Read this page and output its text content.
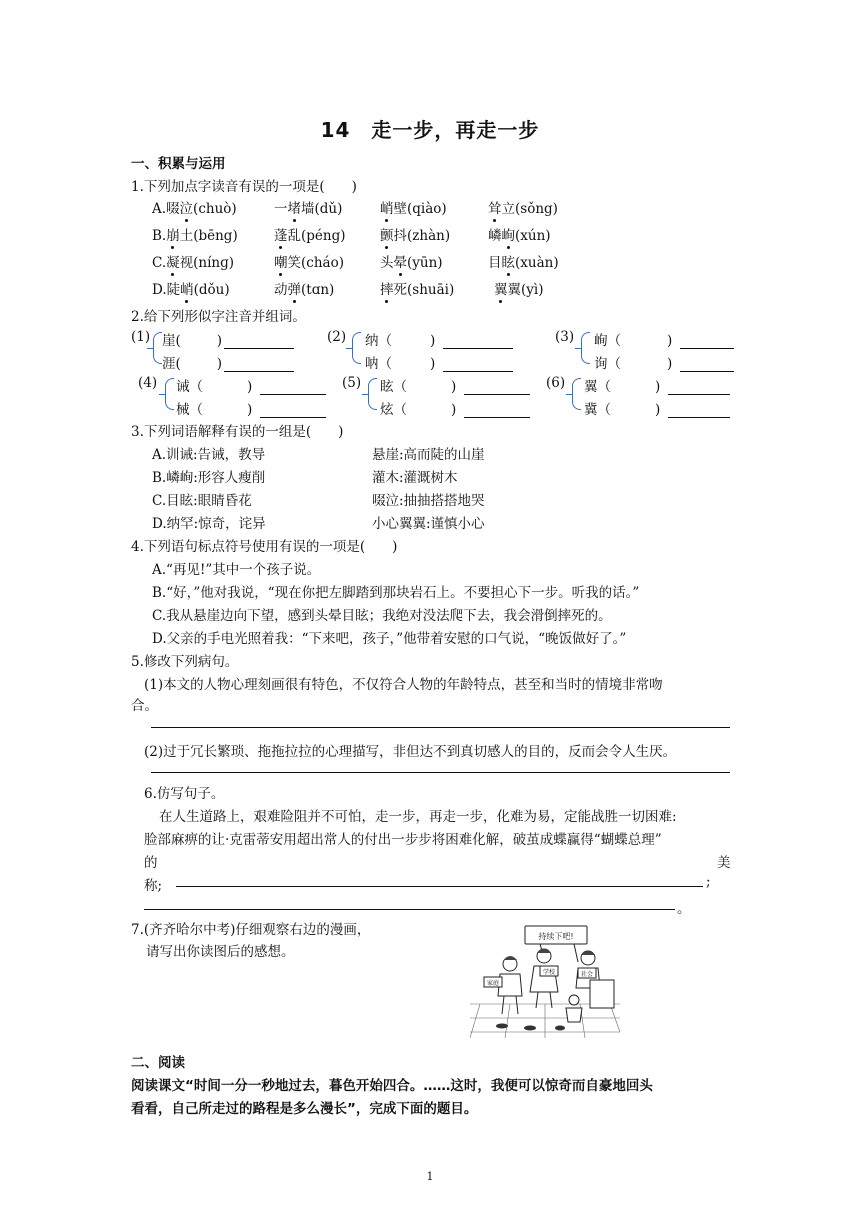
14　走一步，再走一步
一、积累与运用
1.下列加点字读音有误的一项是(　　)
A.啜泣(chuò)	一堵墙(dǔ)	峭壁(qiào)	耸立(sǒng)
B.崩土(bēng)	蓬乱(péng)	颤抖(zhàn)	嶙峋(xún)
C.凝视(nínɡ)	嘲笑(cháo)	头晕(yūn)	目眩(xuàn)
D.陡峭(dǒu)	动弹(tɑn)	摔死(shuāi)	翼翼(yì)
2.给下列形似字注音并组词。
(1) 崖(	)
涯(	)
(2) 纳（	)
呐（	)
(3) 峋（	)
询（	)
(4) 诫（	)
械（	)
(5) 眩（	)
炫（	)
(6) 翼（	)
冀（	)
3.下列词语解释有误的一组是(　　)
A.训诫:告诫，教导	悬崖:高而陡的山崖
B.嶙峋:形容人瘦削	灌木:灌溉树木
C.目眩:眼睛昏花	啜泣:抽抽搭搭地哭
D.纳罕:惊奇，诧异	小心翼翼:谨慎小心
4.下列语句标点符号使用有误的一项是(　　)
A.“再见!”其中一个孩子说。
B.“好，”他对我说，“现在你把左脚踏到那块岩石上。不要担心下一步。听我的话。”
C.我从悬崖边向下望，感到头晕目眩；我绝对没法爬下去，我会滑倒摔死的。
D.父亲的手电光照着我：“下来吧，孩子，”他带着安慰的口气说，“晚饭做好了。”
5.修改下列病句。
(1)本文的人物心理刻画很有特色，不仅符合人物的年龄特点，甚至和当时的情境非常吻
合。
(2)过于冗长繁琐、拖拖拉拉的心理描写，非但达不到真切感人的目的，反而会令人生厌。
6.仿写句子。
在人生道路上，艰难险阻并不可怕，走一步，再走一步，化难为易，定能战胜一切困难:
脸部麻痹的让·克雷蒂安用超出常人的付出一步步将困难化解，破茧成蝶赢得“蝴蝶总理”
的	美
称;	;
。
7.(齐齐哈尔中考)仔细观察右边的漫画，
请写出你读图后的感想。
持续下吧!
家庭
学校	社会
二、阅读
阅读课文“时间一分一秒地过去，暮色开始四合。……这时，我便可以惊奇而自豪地回头
看看，自己所走过的路程是多么漫长”，完成下面的题目。
1
